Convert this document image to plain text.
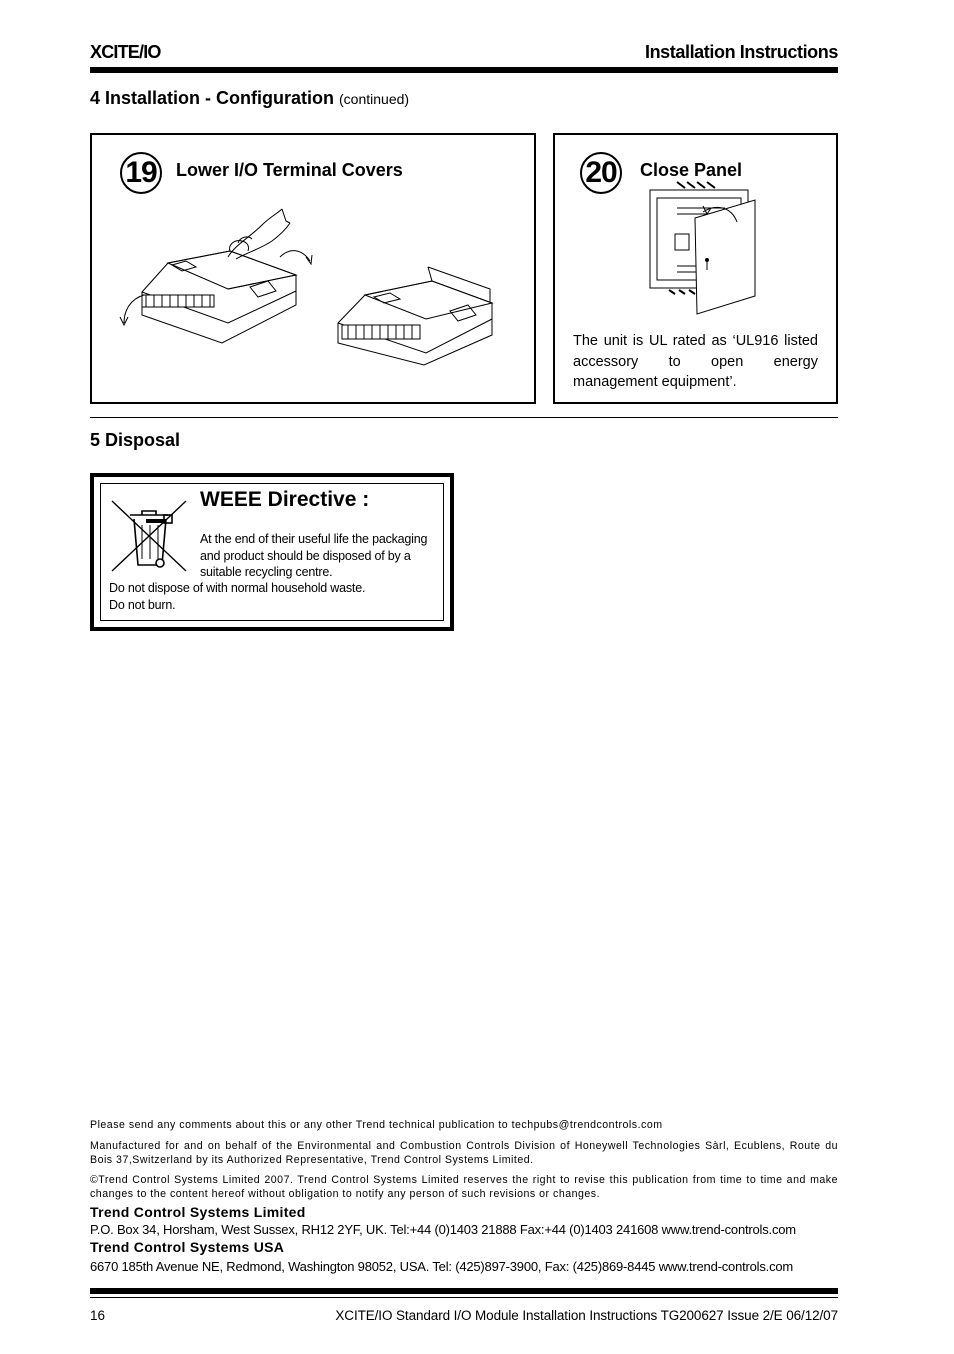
XCITE/IO	Installation Instructions
4 Installation - Configuration (continued)
19 Lower I/O Terminal Covers	20 Close Panel
The unit is UL rated as ‘UL916 listed accessory to open energy management equipment’.
5 Disposal
WEEE Directive :
At the end of their useful life the packaging and product should be disposed of by a suitable recycling centre.
Do not dispose of with normal household waste.
Do not burn.
Please send any comments about this or any other Trend technical publication to techpubs@trendcontrols.com
Manufactured for and on behalf of the Environmental and Combustion Controls Division of Honeywell Technologies Sàrl, Ecublens, Route du Bois 37,Switzerland by its Authorized Representative, Trend Control Systems Limited.
©Trend Control Systems Limited 2007. Trend Control Systems Limited reserves the right to revise this publication from time to time and make changes to the content hereof without obligation to notify any person of such revisions or changes.
Trend Control Systems Limited
P.O. Box 34, Horsham, West Sussex, RH12 2YF, UK. Tel:+44 (0)1403 21888 Fax:+44 (0)1403 241608 www.trend-controls.com
Trend Control Systems USA
6670 185th Avenue NE, Redmond, Washington 98052, USA. Tel: (425)897-3900, Fax: (425)869-8445 www.trend-controls.com
16	XCITE/IO Standard I/O Module Installation Instructions TG200627 Issue 2/E 06/12/07
